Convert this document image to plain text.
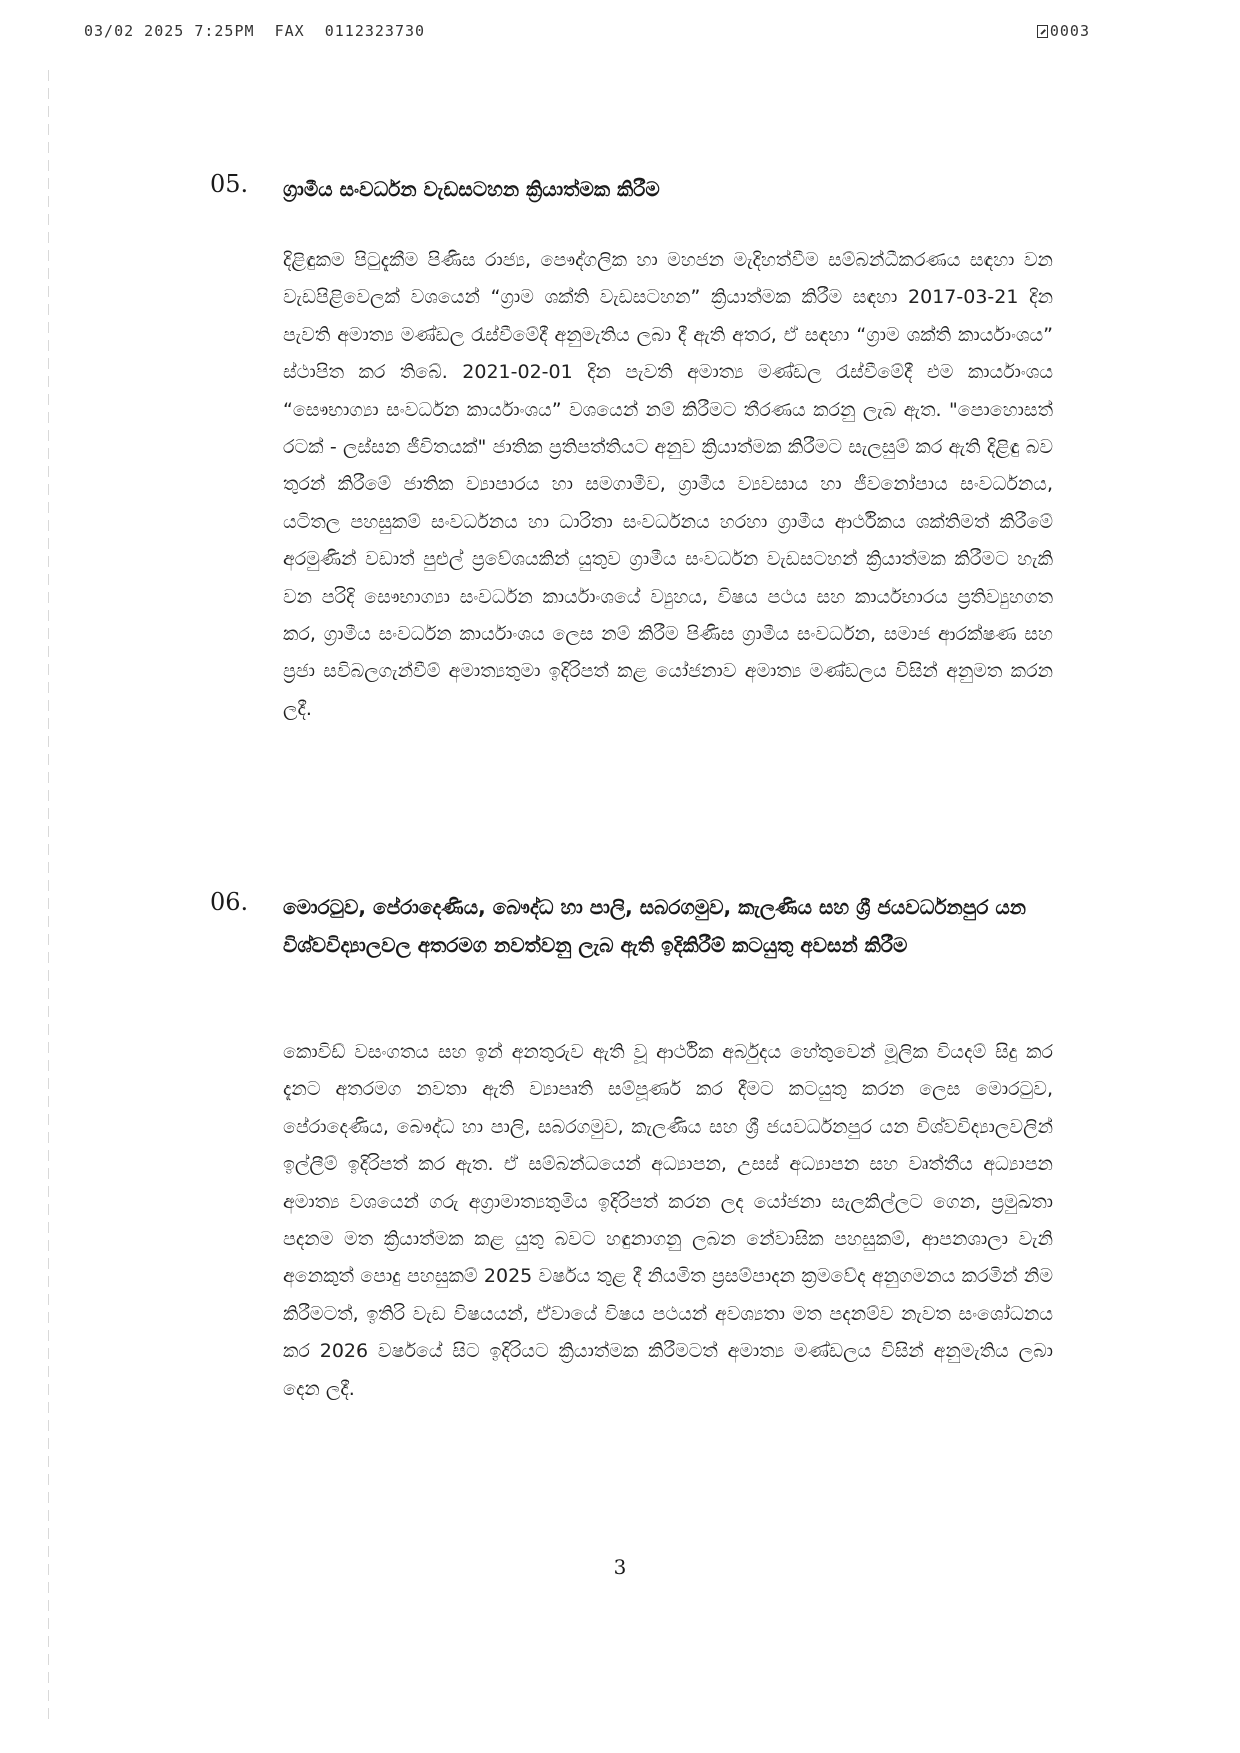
03/02 2025 7:25PM FAX 0112323730	0003
05. ග්‍රාමීය සංවර්ධන වැඩසටහන ක්‍රියාත්මක කිරීම
දිළිඳුකම පිටුදැකීම පිණිස රාජ්‍ය, පෞද්ගලික හා මහජන මැදිහත්වීම සම්බන්ධීකරණය සඳහා වන වැඩපිළිවෙලක් වශයෙන් “ග්‍රාම ශක්ති වැඩසටහන” ක්‍රියාත්මක කිරීම සඳහා 2017-03-21 දින පැවති අමාත්‍ය මණ්ඩල රැස්වීමේදී අනුමැතිය ලබා දී ඇති අතර, ඒ සඳහා “ග්‍රාම ශක්ති කාර්යාංශය” ස්ථාපිත කර තිබේ. 2021-02-01 දින පැවති අමාත්‍ය මණ්ඩල රැස්වීමේදී එම කාර්යාංශය “සෞභාග්‍යා සංවර්ධන කාර්යාංශය” වශයෙන් නම් කිරීමට තීරණය කරනු ලැබ ඇත. "පොහොසත් රටක් - ලස්සන ජීවිතයක්" ජාතික ප්‍රතිපත්තියට අනුව ක්‍රියාත්මක කිරීමට සැලසුම් කර ඇති දිළිඳු බව තුරන් කිරීමේ ජාතික ව්‍යාපාරය හා සමගාමීව, ග්‍රාමීය ව්‍යවසාය හා ජීවනෝපාය සංවර්ධනය, යටිතල පහසුකම් සංවර්ධනය හා ධාරිතා සංවර්ධනය හරහා ග්‍රාමීය ආර්ථිකය ශක්තිමත් කිරීමේ අරමුණින් වඩාත් පුළුල් ප්‍රවේශයකින් යුතුව ග්‍රාමීය සංවර්ධන වැඩසටහන් ක්‍රියාත්මක කිරීමට හැකි වන පරිදි සෞභාග්‍යා සංවර්ධන කාර්යාංශයේ ව්‍යුහය, විෂය පථය සහ කාර්යභාරය ප්‍රතිව්‍යුහගත කර, ග්‍රාමීය සංවර්ධන කාර්යාංශය ලෙස නම් කිරීම පිණිස ග්‍රාමීය සංවර්ධන, සමාජ ආරක්ෂණ සහ ප්‍රජා සවිබලගැන්වීම් අමාත්‍යතුමා ඉදිරිපත් කළ යෝජනාව අමාත්‍ය මණ්ඩලය විසින් අනුමත කරන ලදී.
06. මොරටුව, පේරාදෙණිය, බෞද්ධ හා පාලි, සබරගමුව, කැලණිය සහ ශ්‍රී ජයවර්ධනපුර යන විශ්වවිද්‍යාලවල අතරමග නවත්වනු ලැබ ඇති ඉදිකිරීම් කටයුතු අවසන් කිරීම
කොවිඩ් වසංගතය සහ ඉන් අනතුරුව ඇති වූ ආර්ථික අර්බුදය හේතුවෙන් මූලික වියදම් සිදු කර දැනට අතරමග නවතා ඇති ව්‍යාපෘති සම්පූර්ණ කර දීමට කටයුතු කරන ලෙස මොරටුව, පේරාදෙණිය, බෞද්ධ හා පාලි, සබරගමුව, කැලණිය සහ ශ්‍රී ජයවර්ධනපුර යන විශ්වවිද්‍යාලවලින් ඉල්ලීම් ඉදිරිපත් කර ඇත. ඒ සම්බන්ධයෙන් අධ්‍යාපන, උසස් අධ්‍යාපන සහ වෘත්තීය අධ්‍යාපන අමාත්‍ය වශයෙන් ගරු අග්‍රාමාත්‍යතුමිය ඉදිරිපත් කරන ලද යෝජනා සැලකිල්ලට ගෙන, ප්‍රමුඛතා පදනම මත ක්‍රියාත්මක කළ යුතු බවට හඳුනාගනු ලබන නේවාසික පහසුකම්, ආපනශාලා වැනි අනෙකුත් පොදු පහසුකම් 2025 වර්ෂය තුළ දී නියමිත ප්‍රසම්පාදන ක්‍රමවේද අනුගමනය කරමින් නිම කිරීමටත්, ඉතිරි වැඩ විෂයයන්, ඒවායේ විෂය පථයන් අවශ්‍යතා මත පදනම්ව නැවත සංශෝධනය කර 2026 වර්ෂයේ සිට ඉදිරියට ක්‍රියාත්මක කිරීමටත් අමාත්‍ය මණ්ඩලය විසින් අනුමැතිය ලබා දෙන ලදී.
3
